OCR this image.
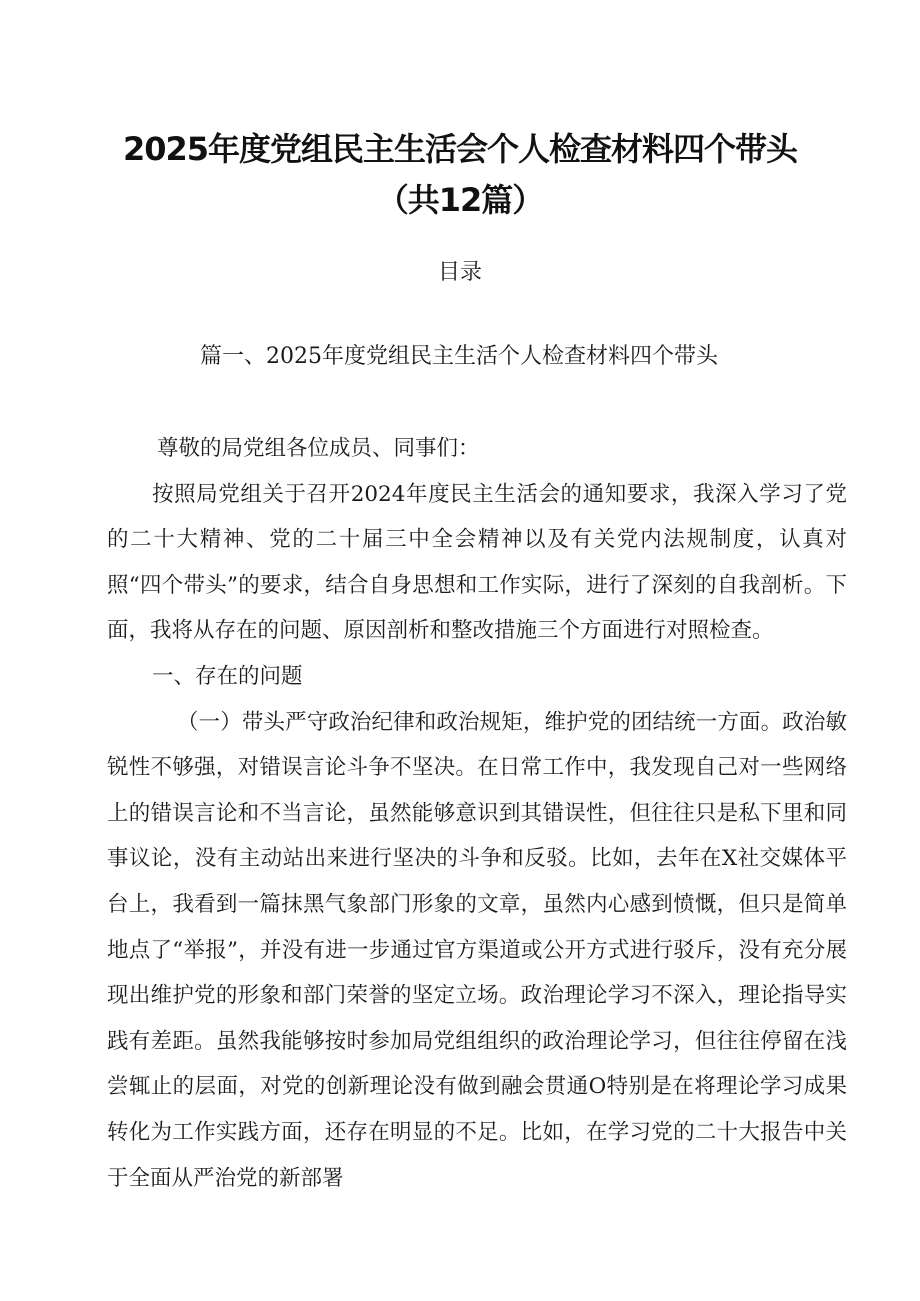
2025年度党组民主生活会个人检查材料四个带头
（共12篇）
目录
篇一、2025年度党组民主生活个人检查材料四个带头

尊敬的局党组各位成员、同事们：

按照局党组关于召开2024年度民主生活会的通知要求，我深入学习了党的二十大精神、党的二十届三中全会精神以及有关党内法规制度，认真对照“四个带头”的要求，结合自身思想和工作实际，进行了深刻的自我剖析。下面，我将从存在的问题、原因剖析和整改措施三个方面进行对照检查。

一、存在的问题

（一）带头严守政治纪律和政治规矩，维护党的团结统一方面。政治敏锐性不够强，对错误言论斗争不坚决。在日常工作中，我发现自己对一些网络上的错误言论和不当言论，虽然能够意识到其错误性，但往往只是私下里和同事议论，没有主动站出来进行坚决的斗争和反驳。比如，去年在X社交媒体平台上，我看到一篇抹黑气象部门形象的文章，虽然内心感到愤慨，但只是简单地点了“举报”，并没有进一步通过官方渠道或公开方式进行驳斥，没有充分展现出维护党的形象和部门荣誉的坚定立场。政治理论学习不深入，理论指导实践有差距。虽然我能够按时参加局党组组织的政治理论学习，但往往停留在浅尝辄止的层面，对党的创新理论没有做到融会贯通O特别是在将理论学习成果转化为工作实践方面，还存在明显的不足。比如，在学习党的二十大报告中关于全面从严治党的新部署
